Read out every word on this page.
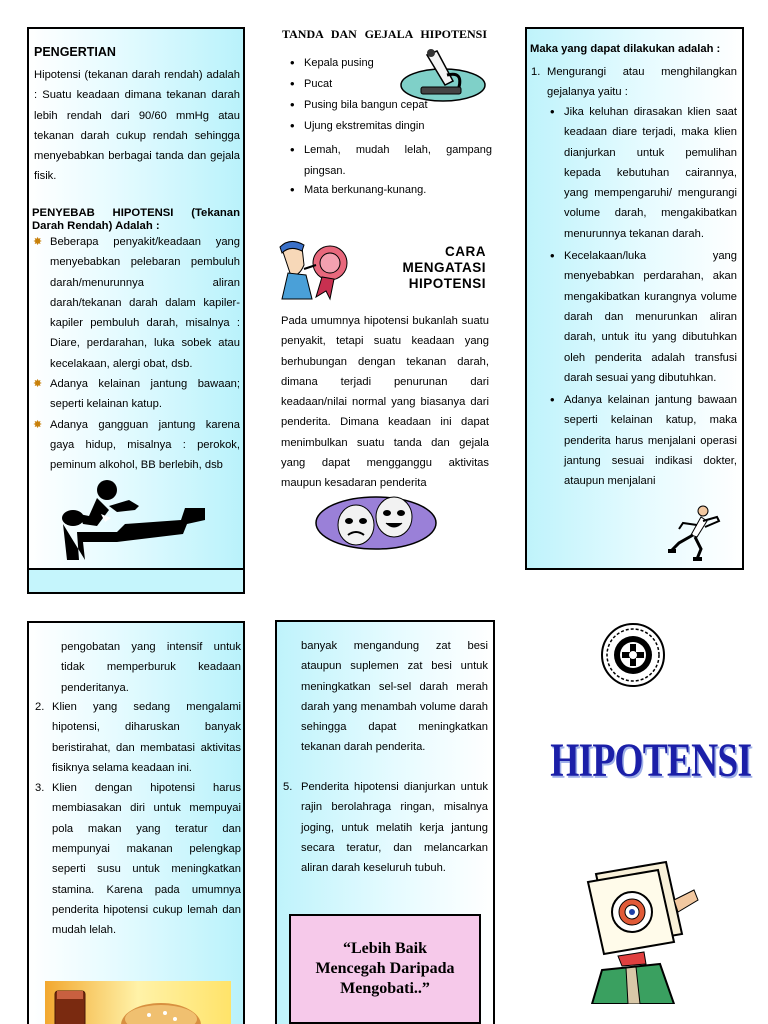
PENGERTIAN
Hipotensi (tekanan darah rendah) adalah : Suatu keadaan dimana tekanan darah lebih rendah dari 90/60 mmHg atau tekanan darah cukup rendah sehingga menyebabkan berbagai tanda dan gejala fisik.
PENYEBAB HIPOTENSI (Tekanan Darah Rendah) Adalah :
✸ Beberapa penyakit/keadaan yang menyebabkan pelebaran pembuluh darah/menurunnya aliran darah/tekanan darah dalam kapiler-kapiler pembuluh darah, misalnya : Diare, perdarahan, luka sobek atau kecelakaan, alergi obat, dsb.
✸ Adanya kelainan jantung bawaan; seperti kelainan katup.
✸ Adanya gangguan jantung karena gaya hidup, misalnya : perokok, peminum alkohol, BB berlebih, dsb
TANDA DAN GEJALA HIPOTENSI
• Kepala pusing
• Pucat
• Pusing bila bangun cepat
• Ujung ekstremitas dingin
• Lemah, mudah lelah, gampang pingsan.
• Mata berkunang-kunang.
CARA
MENGATASI
HIPOTENSI
Pada umumnya hipotensi bukanlah suatu penyakit, tetapi suatu keadaan yang berhubungan dengan tekanan darah, dimana terjadi penurunan dari keadaan/nilai normal yang biasanya dari penderita. Dimana keadaan ini dapat menimbulkan suatu tanda dan gejala yang dapat mengganggu aktivitas maupun kesadaran penderita
Maka yang dapat dilakukan adalah :
1. Mengurangi atau menghilangkan gejalanya yaitu :
• Jika keluhan dirasakan klien saat keadaan diare terjadi, maka klien dianjurkan untuk pemulihan kepada kebutuhan cairannya, yang mempengaruhi/ mengurangi volume darah, mengakibatkan menurunnya tekanan darah.
• Kecelakaan/luka yang menyebabkan perdarahan, akan mengakibatkan kurangnya volume darah dan menurunkan aliran darah, untuk itu yang dibutuhkan oleh penderita adalah transfusi darah sesuai yang dibutuhkan.
• Adanya kelainan jantung bawaan seperti kelainan katup, maka penderita harus menjalani operasi jantung sesuai indikasi dokter, ataupun menjalani
pengobatan yang intensif untuk tidak memperburuk keadaan penderitanya.
2. Klien yang sedang mengalami hipotensi, diharuskan banyak beristirahat, dan membatasi aktivitas fisiknya selama keadaan ini.
3. Klien dengan hipotensi harus membiasakan diri untuk mempuyai pola makan yang teratur dan mempunyai makanan pelengkap seperti susu untuk meningkatkan stamina. Karena pada umumnya penderita hipotensi cukup lemah dan mudah lelah.
banyak mengandung zat besi ataupun suplemen zat besi untuk meningkatkan sel-sel darah merah darah yang menambah volume darah sehingga dapat meningkatkan tekanan darah penderita.
5. Penderita hipotensi dianjurkan untuk rajin berolahraga ringan, misalnya joging, untuk melatih kerja jantung secara teratur, dan melancarkan aliran darah keseluruh tubuh.
“Lebih Baik Mencegah Daripada Mengobati..”
HIPOTENSI
